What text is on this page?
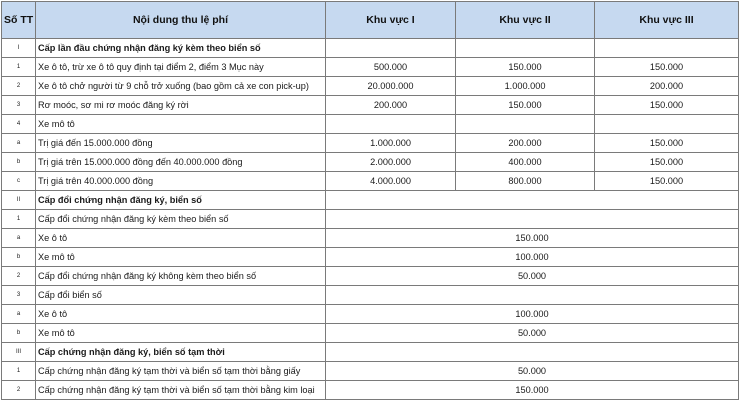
Số TT	Nội dung thu lệ phí	Khu vực I	Khu vực II	Khu vực III
I	Cấp lần đầu chứng nhận đăng ký kèm theo biển số			
1	Xe ô tô, trừ xe ô tô quy định tại điểm 2, điểm 3 Mục này	500.000	150.000	150.000
2	Xe ô tô chở người từ 9 chỗ trở xuống (bao gồm cả xe con pick-up)	20.000.000	1.000.000	200.000
3	Rơ moóc, sơ mi rơ moóc đăng ký rời	200.000	150.000	150.000
4	Xe mô tô			
a	Trị giá đến 15.000.000 đồng	1.000.000	200.000	150.000
b	Trị giá trên 15.000.000 đồng đến 40.000.000 đồng	2.000.000	400.000	150.000
c	Trị giá trên 40.000.000 đồng	4.000.000	800.000	150.000
II	Cấp đổi chứng nhận đăng ký, biển số			
1	Cấp đổi chứng nhận đăng ký kèm theo biển số			
a	Xe ô tô	150.000		
b	Xe mô tô	100.000		
2	Cấp đổi chứng nhận đăng ký không kèm theo biển số	50.000		
3	Cấp đổi biển số			
a	Xe ô tô	100.000		
b	Xe mô tô	50.000		
III	Cấp chứng nhận đăng ký, biển số tạm thời			
1	Cấp chứng nhận đăng ký tạm thời và biển số tạm thời bằng giấy	50.000		
2	Cấp chứng nhận đăng ký tạm thời và biển số tạm thời bằng kim loại	150.000		
